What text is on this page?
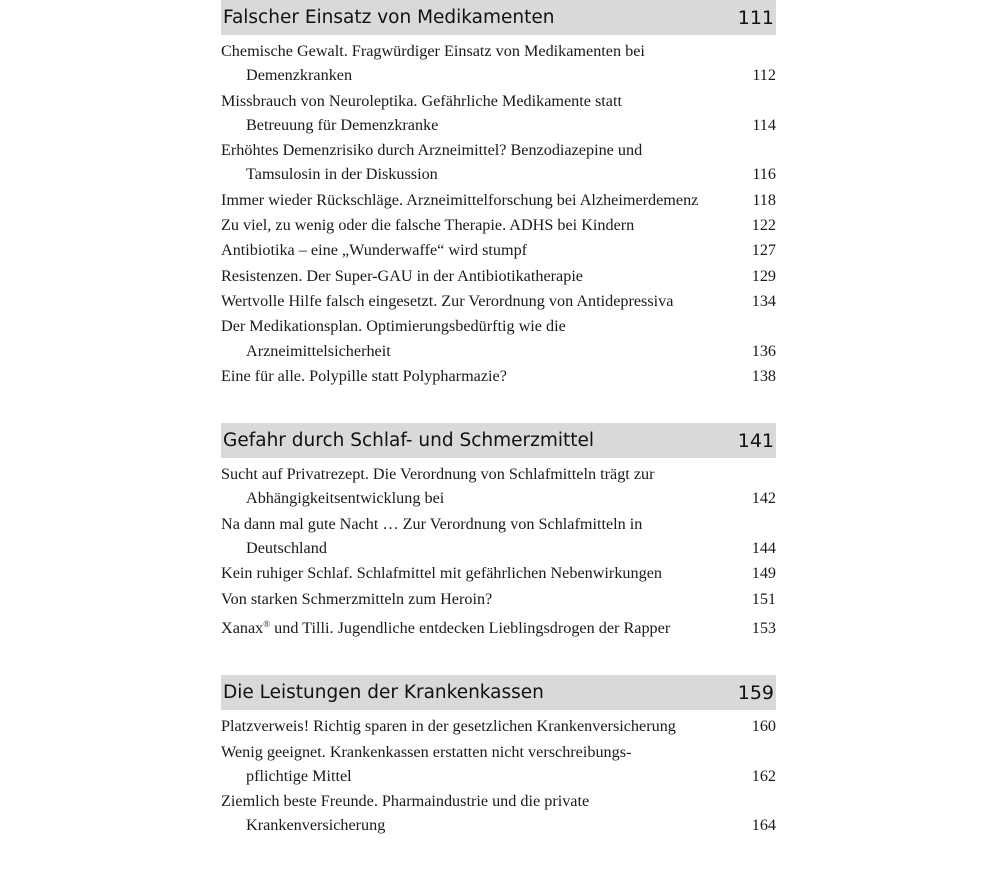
Falscher Einsatz von Medikamenten	111
Chemische Gewalt. Fragwürdiger Einsatz von Medikamenten bei
Demenzkranken	112
Missbrauch von Neuroleptika. Gefährliche Medikamente statt
Betreuung für Demenzkranke	114
Erhöhtes Demenzrisiko durch Arzneimittel? Benzodiazepine und
Tamsulosin in der Diskussion	116
Immer wieder Rückschläge. Arzneimittelforschung bei Alzheimerdemenz	118
Zu viel, zu wenig oder die falsche Therapie. ADHS bei Kindern	122
Antibiotika – eine „Wunderwaffe“ wird stumpf	127
Resistenzen. Der Super-GAU in der Antibiotikatherapie	129
Wertvolle Hilfe falsch eingesetzt. Zur Verordnung von Antidepressiva	134
Der Medikationsplan. Optimierungsbedürftig wie die
Arzneimittelsicherheit	136
Eine für alle. Polypille statt Polypharmazie?	138
Gefahr durch Schlaf- und Schmerzmittel	141
Sucht auf Privatrezept. Die Verordnung von Schlafmitteln trägt zur
Abhängigkeitsentwicklung bei	142
Na dann mal gute Nacht … Zur Verordnung von Schlafmitteln in
Deutschland	144
Kein ruhiger Schlaf. Schlafmittel mit gefährlichen Nebenwirkungen	149
Von starken Schmerzmitteln zum Heroin?	151
Xanax® und Tilli. Jugendliche entdecken Lieblingsdrogen der Rapper	153
Die Leistungen der Krankenkassen	159
Platzverweis! Richtig sparen in der gesetzlichen Krankenversicherung	160
Wenig geeignet. Krankenkassen erstatten nicht verschreibungs-
pflichtige Mittel	162
Ziemlich beste Freunde. Pharmaindustrie und die private
Krankenversicherung	164
